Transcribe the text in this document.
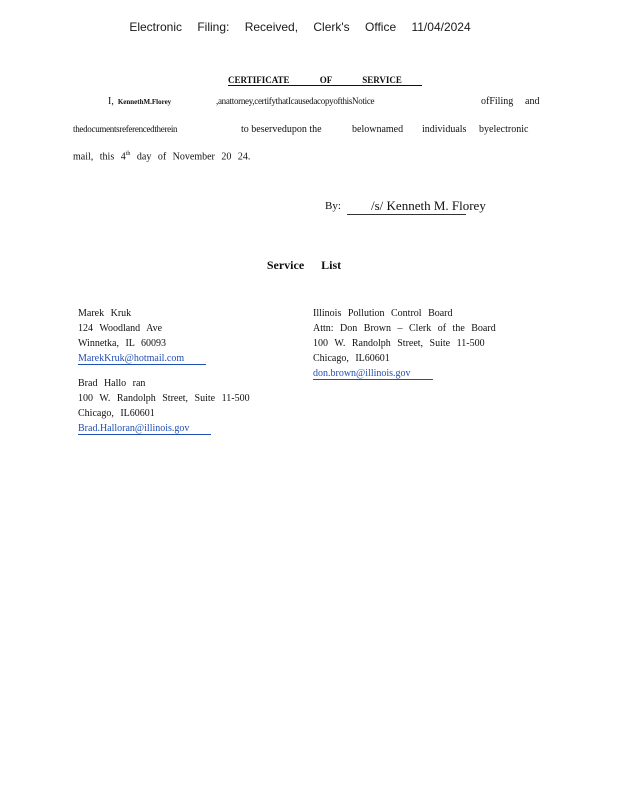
Electronic Filing: Received, Clerk's Office 11/04/2024
CERTIFICATE OF SERVICE
I, KennethM.Florey	,anattorney,certifythatIcausedacopyofthisNotice	ofFiling and
thedocumentsreferencedtherein	to beservedupon the	belownamed individuals byelectronic
mail, this 4th day of November 20 24.
By:	/s/ Kenneth M. Florey
Service List
Marek Kruk
124 Woodland Ave
Winnetka, IL 60093
MarekKruk@hotmail.com
Brad Hallo ran
100 W. Randolph Street, Suite 11-500
Chicago, IL60601
Brad.Halloran@illinois.gov
Illinois Pollution Control Board
Attn: Don Brown – Clerk of the Board
100 W. Randolph Street, Suite 11-500
Chicago, IL60601
don.brown@illinois.gov
